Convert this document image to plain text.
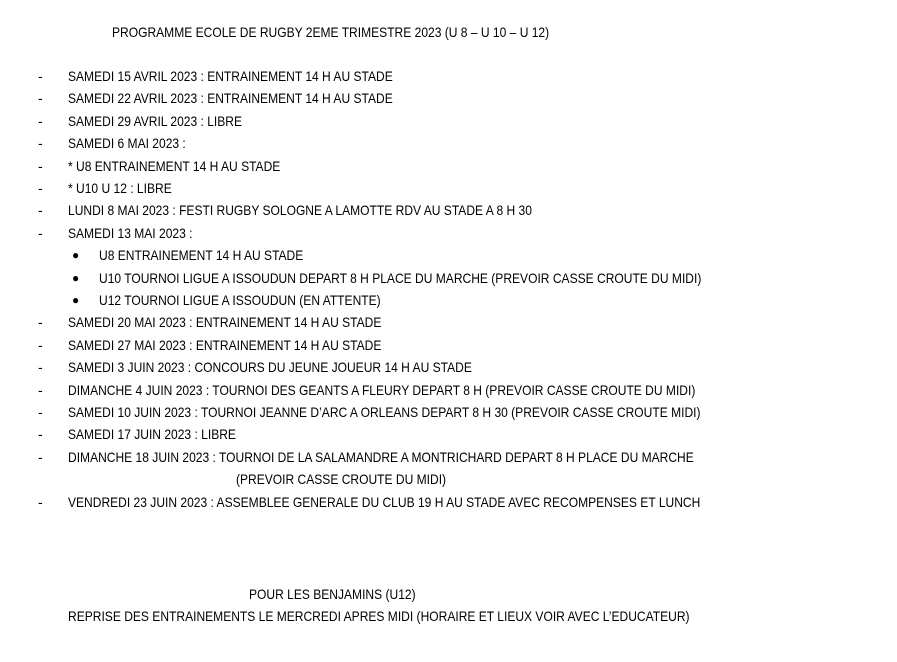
PROGRAMME ECOLE DE RUGBY 2EME TRIMESTRE 2023 (U 8 – U 10 – U 12)
- SAMEDI 15 AVRIL 2023 : ENTRAINEMENT 14 H AU STADE
- SAMEDI 22 AVRIL 2023 : ENTRAINEMENT 14 H AU STADE
- SAMEDI 29 AVRIL 2023 : LIBRE
- SAMEDI 6 MAI 2023 :
- * U8 ENTRAINEMENT 14 H AU STADE
- * U10 U 12 : LIBRE
- LUNDI 8 MAI 2023 : FESTI RUGBY SOLOGNE A LAMOTTE RDV AU STADE A 8 H 30
- SAMEDI 13 MAI 2023 :
● U8 ENTRAINEMENT 14 H AU STADE
● U10 TOURNOI LIGUE A ISSOUDUN DEPART 8 H PLACE DU MARCHE (PREVOIR CASSE CROUTE DU MIDI)
● U12 TOURNOI LIGUE A ISSOUDUN (EN ATTENTE)
- SAMEDI 20 MAI 2023 : ENTRAINEMENT 14 H AU STADE
- SAMEDI 27 MAI 2023 : ENTRAINEMENT 14 H AU STADE
- SAMEDI 3 JUIN 2023 : CONCOURS DU JEUNE JOUEUR 14 H AU STADE
- DIMANCHE 4 JUIN 2023 : TOURNOI DES GEANTS A FLEURY DEPART 8 H (PREVOIR CASSE CROUTE DU MIDI)
- SAMEDI 10 JUIN 2023 : TOURNOI JEANNE D’ARC A ORLEANS DEPART 8 H 30 (PREVOIR CASSE CROUTE MIDI)
- SAMEDI 17 JUIN 2023 : LIBRE
- DIMANCHE 18 JUIN 2023 : TOURNOI DE LA SALAMANDRE A MONTRICHARD DEPART 8 H PLACE DU MARCHE
(PREVOIR CASSE CROUTE DU MIDI)
- VENDREDI 23 JUIN 2023 : ASSEMBLEE GENERALE DU CLUB 19 H AU STADE AVEC RECOMPENSES ET LUNCH
POUR LES BENJAMINS (U12)
REPRISE DES ENTRAINEMENTS LE MERCREDI APRES MIDI (HORAIRE ET LIEUX VOIR AVEC L’EDUCATEUR)
